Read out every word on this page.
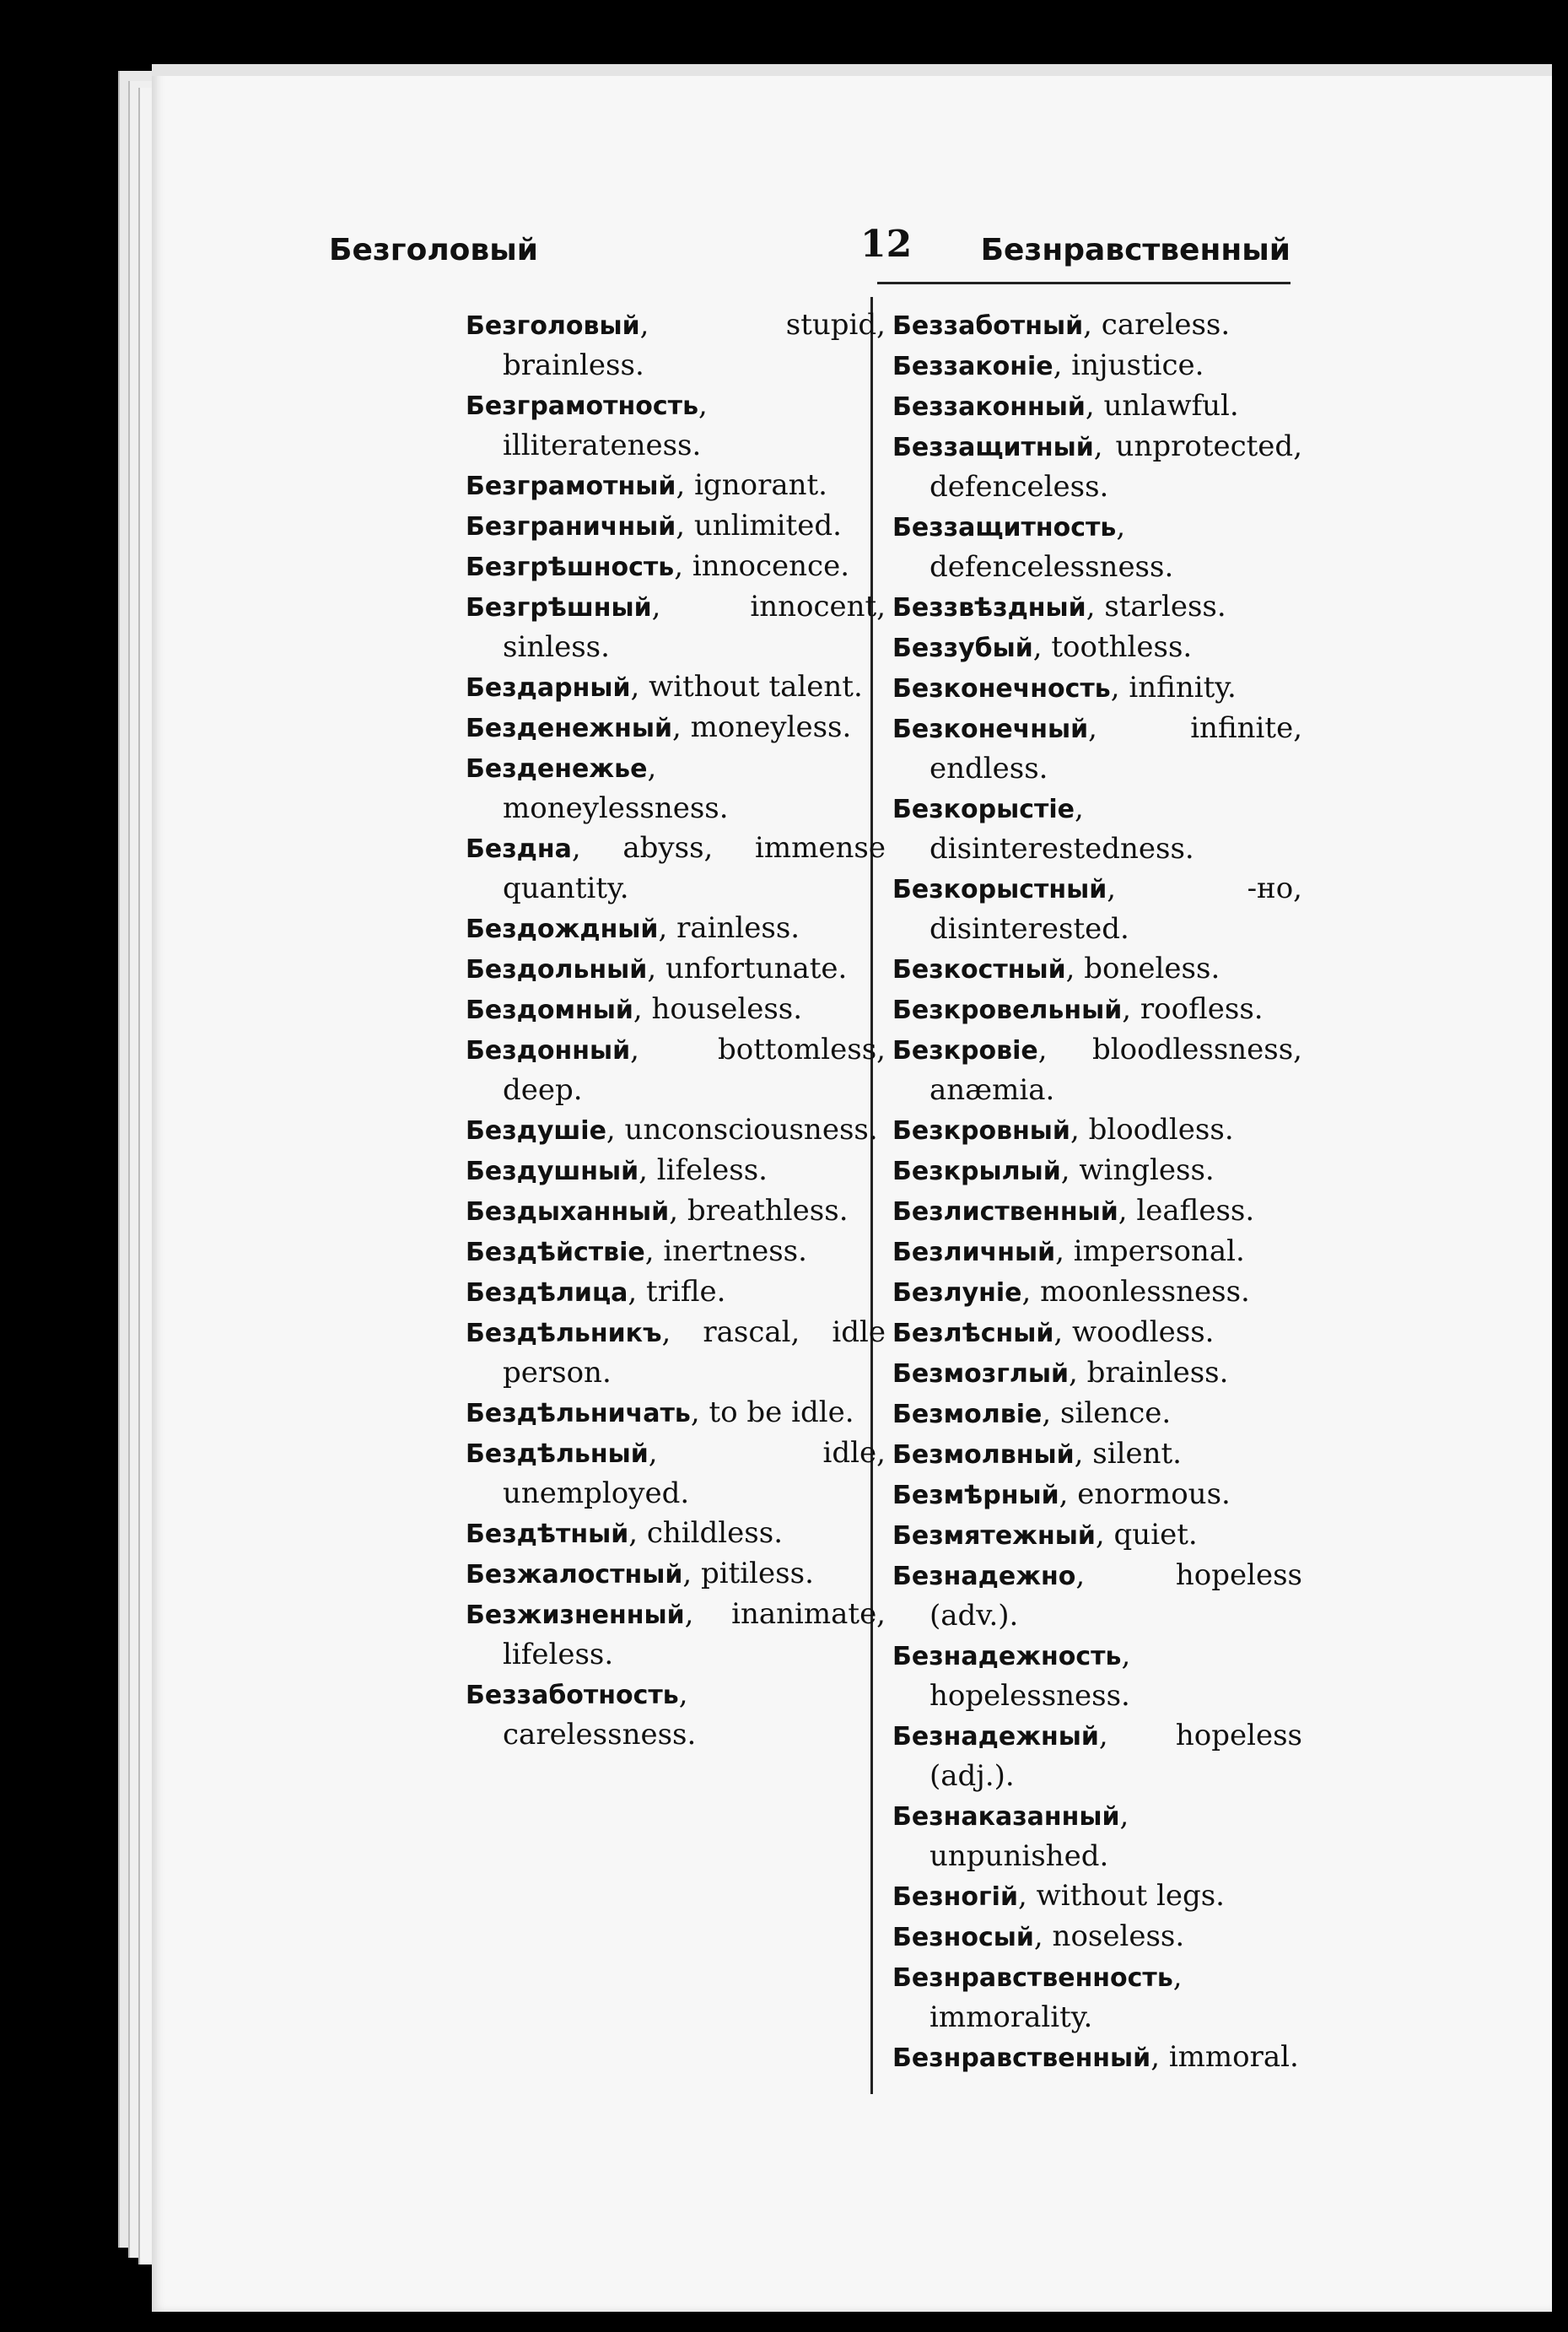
Безголовый	12 Безнравственный
Безголовый, stupid, brainless.
Безграмотность, illiterateness.
Безграмотный, ignorant.
Безграничный, unlimited.
Безгрѣшность, innocence.
Безгрѣшный, innocent, sinless.
Бездарный, without talent.
Безденежный, moneyless.
Безденежье, moneylessness.
Бездна, abyss, immense quantity.
Бездождный, rainless.
Бездольный, unfortunate.
Бездомный, houseless.
Бездонный, bottomless, deep.
Бездушіе, unconsciousness.
Бездушный, lifeless.
Бездыханный, breathless.
Бездѣйствіе, inertness.
Бездѣлица, trifle.
Бездѣльникъ, rascal, idle person.
Бездѣльничать, to be idle.
Бездѣльный, idle, unemployed.
Бездѣтный, childless.
Безжалостный, pitiless.
Безжизненный, inanimate, lifeless.
Беззаботность, carelessness.
Беззаботный, careless.
Беззаконіе, injustice.
Беззаконный, unlawful.
Беззащитный, unprotected, defenceless.
Беззащитность, defencelessness.
Беззвѣздный, starless.
Беззубый, toothless.
Безконечность, infinity.
Безконечный, infinite, endless.
Безкорыстіе, disinterestedness.
Безкорыстный, -но, disinterested.
Безкостный, boneless.
Безкровельный, roofless.
Безкровіе, bloodlessness, anæmia.
Безкровный, bloodless.
Безкрылый, wingless.
Безлиственный, leafless.
Безличный, impersonal.
Безлуніе, moonlessness.
Безлѣсный, woodless.
Безмозглый, brainless.
Безмолвіе, silence.
Безмолвный, silent.
Безмѣрный, enormous.
Безмятежный, quiet.
Безнадежно, hopeless (adv.).
Безнадежность, hopelessness.
Безнадежный, hopeless (adj.).
Безнаказанный, unpunished.
Безногій, without legs.
Безносый, noseless.
Безнравственность, immorality.
Безнравственный, immoral.
